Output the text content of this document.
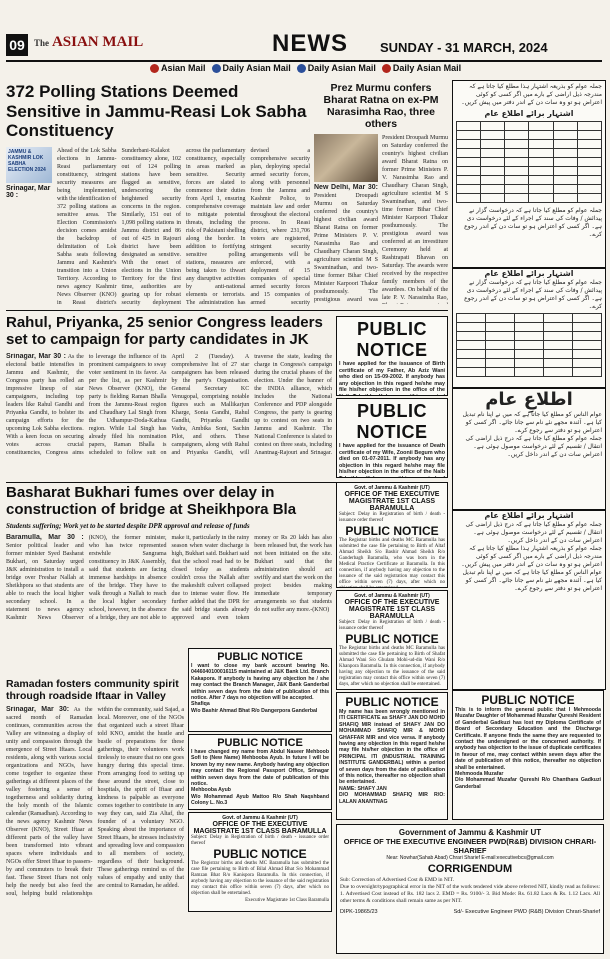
09	The ASIAN MAIL	NEWS SUNDAY - 31 MARCH, 2024
Asian Mail	Daily Asian Mail	Daily Asian Mail	Daily Asian Mail
372 Polling Stations Deemed Sensitive in Jammu-Reasi Lok Sabha Constituency
JAMMU & KASHMIR LOK SABHA ELECTION 2024
Srinagar, Mar 30 :
Ahead of the Lok Sabha elections in Jammu-Reasi parliamentary constituency, stringent security measures are being implemented, with the identification of 372 polling stations as sensitive areas. The Election Commission's decision comes amidst the backdrop of delimitation of Lok Sabha seats following Jammu and Kashmir's transition into a Union Territory. According to news agency Kashmir News Observer (KNO) in Reasi district's Sunderbani-Kalakot constituency alone, 102 out of 124 polling stations have been flagged as sensitive, underscoring the heightened security concerns in the region. Similarly, 151 out of 1,098 polling stations in Jammu district and 86 out of 425 in Rajouri district have been designated as sensitive. With the onset of elections in the Union Territory for the first time, authorities are gearing up for robust security deployment across the parliamentary constituency, especially in areas marked as sensitive. Security forces are slated to commence their duties from April 1, ensuring comprehensive coverage to mitigate potential threats, including the risk of Pakistani shelling along the border. In addition to fortifying sensitive polling stations, measures are being taken to thwart any disruptive activities by anti-national elements or terrorists. The administration has devised a comprehensive security plan, deploying special armed security forces, along with personnel from the Jammu and Kashmir Police, to maintain law and order throughout the electoral process. In Reasi district, where 231,706 voters are registered, stringent security arrangements will be enforced, with a deployment of 15 companies of special armed security forces and 15 companies of armed security
Prez Murmu confers Bharat Ratna on ex-PM Narasimha Rao, three others
New Delhi, Mar 30: President Droupadi Murmu on Saturday conferred the country's highest civilian award Bharat Ratna on former Prime Ministers P. V. Narasimha Rao and Chaudhary Charan Singh, agriculture scientist M S Swaminathan, and two-time former Bihar Chief Minister Karpoori Thakur posthumously. The prestigious award was
President Droupadi Murmu on Saturday conferred the country's highest civilian award Bharat Ratna on former Prime Ministers P. V. Narasimha Rao and Chaudhary Charan Singh, agriculture scientist M S Swaminathan, and two-time former Bihar Chief Minister Karpoori Thakur posthumously. The prestigious award was conferred at an investiture Ceremony held at Rashtrapati Bhavan on Saturday. The awards were received by the respective family members of the awardees. On behalf of the late P. V. Narasimha Rao,
جملہ عوام کو بذریعہ اشتہار ہذا مطلع کیا جاتا ہے کہ مندرجہ ذیل اراضی کے بارے میں اگر کسی کو کوئی اعتراض ہو تو وہ سات دن کے اندر دفتر میں پیش کریں۔
اشتہار برائے اطلاع عام

جملہ عوام کو مطلع کیا جاتا ہے کہ درخواست گزار نے پیدائش / وفات کی سند کے اجراء کے لئے درخواست دی ہے۔ اگر کسی کو اعتراض ہو تو سات دن کے اندر رجوع کرے۔
Rahul, Priyanka, 25 senior Congress leaders set to campaign for party candidates in JK
Srinagar, Mar 30 : As the electoral battle intensifies in Jammu and Kashmir, the Congress party has rolled an impressive lineup of star campaigners, including top leaders like Rahul Gandhi and Priyanka Gandhi, to bolster its campaign efforts for the upcoming Lok Sabha elections. With a keen focus on securing votes across crucial constituencies, Congress aims to leverage the influence of its prominent campaigners to sway voter sentiment in its favor. As per the list, as per Kashmir News Observer (KNO), the party is fielding Raman Bhalla from the Jammu-Reasi region and Chaudhary Lal Singh from the Udhampur-Doda-Kathua region. While Lal Singh has already filed his nomination papers, Raman Bhalla is scheduled to follow suit on April 2 (Tuesday). A comprehensive list of 27 star campaigners has been released by the party's Organisation. General Secretary KC Venugopal, comprising notable figures such as Mallikarjun Kharge, Sonia Gandhi, Rahul Gandhi, Priyanka Gandhi Vadra, Ambika Soni, Sachin Pilot, and others. These campaigners, along with Rahul and Priyanka Gandhi, will traverse the state, leading the charge in Congress's campaign during the crucial phases of the election. Under the banner of the INDIA alliance, which includes the National Conference and PDP alongside Congress, the party is gearing up to contest on two seats in Jammu and Kashmir. The National Conference is slated to contest on three seats, including Anantnag-Rajouri and Srinagar.
PUBLIC NOTICE
I have applied for the issuance of Birth certificate of my Father, Ab Aziz Wani who died on 15-09-2002. If anybody has any objection in this regard he/she may file his/her objection in the office of the
PUBLIC NOTICE
I have applied for the issuance of Death certificate of my Wife, Zoonii Begum who died on 01-07-2011. If anybody has any objection in this regard he/she may file his/her objection in the office of the Naib
اشتہار برائے اطلاع عام
جملہ عوام کو مطلع کیا جاتا ہے کہ درخواست گزار نے پیدائش / وفات کی سند کے اجراء کے لئے درخواست دی ہے۔ اگر کسی کو اعتراض ہو تو سات دن کے اندر رجوع کرے۔

اطلاعِ عام
عوام الناس کو مطلع کیا جاتا ہے کہ میں نے اپنا نام تبدیل کیا ہے۔ آئندہ مجھے نئے نام سے جانا جائے۔ اگر کسی کو اعتراض ہو تو دفتر سے رجوع کرے۔
جملہ عوام کو مطلع کیا جاتا ہے کہ درج ذیل اراضی کی انتقال / تقسیم کے لئے درخواست موصول ہوئی ہے۔ اعتراض سات دن کے اندر داخل کریں۔
Basharat Bukhari fumes over delay in construction of bridge at Sheikhpora Bla
Students suffering; Work yet to be started despite DPR approval and release of funds
Baramulla, Mar 30 : Senior political leader and former minister Syed Basharat Bukhari, on Saturday urged J&K administration to install a bridge over Freshar Nallah at Sheikhpora so that students are able to reach the local higher secondary school. In a statement to news agency Kashmir News Observer (KNO), the former minister, who has twice represented erstwhile Sangrama constituency in J&K Assembly, said that students are facing immense hardships in absence of the bridge. They have to walk through a Nallah to reach the local higher secondary school, however, in the absence of a bridge, they are not able to make it, particularly in the rainy season when water discharge is high, Bukhari said. Bukhari said that the school road had to be closed today as students couldn't cross the Nallah after the makeshift culvert collapsed due to intense water flow. He further added that the DPR for the said bridge stands already approved and even token money or Rs 20 lakh has also been released but, the work has not been initiated on the site. Bukhari said that the administration should act swiftly and start the work on the project besides making immediate temporary arrangements so that students do not suffer any more.-(KNO)
Govt. of Jammu & Kashmir (UT)
OFFICE OF THE EXECUTIVE MAGISTRATE 1ST CLASS BARAMULLA
Subject: Delay in Registration of birth / death - issuance order thereof
PUBLIC NOTICE
The Registrar births and deaths MC Baramulla has submitted the case file pertaining to Birth of Altaf Ahmad Sheikh S/o Bashir Ahmad Sheikh R/o Ganderbagh Baramulla, who was born in the Medical Practice Certificate at Baramulla. In this connection, if anybody having any objection to the issuance of the said registration may contact this office within seven (7) days, after which no
Govt. of Jammu & Kashmir (UT)
OFFICE OF THE EXECUTIVE MAGISTRATE 1ST CLASS BARAMULLA
Subject: Delay in Registration of birth / death - issuance order thereof
PUBLIC NOTICE
The Registrar births and deaths MC Baramulla has submitted the case file pertaining to Birth of Shafat Ahmad Wani S/o Ghulam Mohi-ud-din Wani R/o Khanpora Baramulla. In this connection, if anybody having any objection to the issuance of the said registration may contact this office within seven (7) days, after which no objection shall be entertained.
اشتہار برائے اطلاع عام
جملہ عوام کو مطلع کیا جاتا ہے کہ درج ذیل اراضی کی انتقال / تقسیم کے لئے درخواست موصول ہوئی ہے۔ اعتراض سات دن کے اندر داخل کریں۔
جملہ عوام کو بذریعہ اشتہار ہذا مطلع کیا جاتا ہے کہ مندرجہ ذیل اراضی کے بارے میں اگر کسی کو کوئی اعتراض ہو تو وہ سات دن کے اندر دفتر میں پیش کریں۔
عوام الناس کو مطلع کیا جاتا ہے کہ میں نے اپنا نام تبدیل کیا ہے۔ آئندہ مجھے نئے نام سے جانا جائے۔ اگر کسی کو اعتراض ہو تو دفتر سے رجوع کرے۔
Ramadan fosters community spirit through roadside Iftaar in Valley
Srinagar, Mar 30: As the sacred month of Ramadan continues, communities across the Valley are witnessing a display of unity and compassion through the emergence of Street Iftaars. Local residents, along with various social organizations and NGOs, have come together to organize these gatherings at different places of the valley fostering a sense of togetherness and solidarity during the holy month of the Islamic calendar (Ramadhan). According to the news agency Kashmir News Observer (KNO), Street Iftaar at different parts of the valley have been transformed into vibrant spaces where individuals and NGOs offer Street Iftaar to passers-by and commuters to break their fast. These Street Iftars not only help the needy but also feed the soul, helping build relationships within the community, said Sajad, a local. Moreover, one of the NGOs that organized such a street Iftaar told KNO, amidst the hustle and bustle of preparations for these gatherings, their volunteers work tirelessly to ensure that no one goes hungry during this special time. From arranging food to setting up these around the street, close to hospitals, the spirit of Iftaar and kindness is palpable as everyone comes together to contribute in any way they can, said Zia Altaf, the founder of a voluntary NGO. Speaking about the importance of Street Iftaars, he stresses inclusivity and spreading love and compassion to all members of society, regardless of their background. These gatherings remind us of the values of empathy and unity that are central to Ramadan, he added.
PUBLIC NOTICE
I want to close my bank account bearing No. 0446040100016115 maintained at J&K Bank Ltd. Branch Kakapora. If anybody is having any objection he / she may contact the Branch Manager, J&K Bank Ganderbal within seven days from the date of publication of this notice. After 7 days no objection will be accepted.
Shafiqa
W/o Bashir Ahmad Bhat R/o Dangerpora Ganderbal
PUBLIC NOTICE
I have changed my name from Abdul Naseer Mehboob Sofi to (New Name) Mehbooba Ayub. In future I will be known by my new name. Anybody having any objection may contact the Regional Passport Office, Srinagar within seven days from the date of publication of this notice.
Mehbooba Ayub
W/o Mohammad Ayub Mattoo R/o Shah Naqshband Colony L. No.3
Govt. of Jammu & Kashmir (UT)
OFFICE OF THE EXECUTIVE MAGISTRATE 1ST CLASS BARAMULLA
Subject: Delay in Registration of birth / death - issuance order thereof
PUBLIC NOTICE
The Registrar births and deaths MC Baramulla has submitted the case file pertaining to Birth of Bilal Ahmad Bhat S/o Mohammad Ramzan Bhat R/o Kanispora Baramulla. In this connection, if anybody having any objection to the issuance of the said registration may contact this office within seven (7) days, after which no objection shall be entertained.
Executive Magistrate 1st Class Baramulla
PUBLIC NOTICE
My name has been wrongly mentioned in ITI CERTIFICATE as SHAFY JAN DO MOHD SHAFIQ MIR instead of SHAFY JAN DO MOHAMMAD SHAFIQ MIR & MOHD GHAFFAR MIR and vice versa. If anybody having any objection in this regard he/she may file his/her objection in the office of PRINCIPAL ITI (INDUSTRIAL TRAINING INSTITUTE GANDERBAL) within a period of seven days from the date of publication of this notice, thereafter no objection shall be entertained.
NAME: SHAFY JAN
D/O MOHAMMAD SHAFIQ MIR R/O: LALAN ANANTNAG
PUBLIC NOTICE
This is to inform the general public that I Mehmooda Muzafar Daughter of Mohammad Muzafar Qureshi Resident of Ganderbal Gadkuzi has lost my Diploma Certificate of Board of Secondary Education and the Discharge Certificate. If anyone finds the same they are requested to contact the undersigned or the concerned authority. If anybody has objection to the issue of duplicate certificates in favour of me, may contact within seven days after the date of publication of this notice, thereafter no objection shall be entertained.
Mehmooda Muzafar
D/o Mohammad Muzafar Qureshi R/o Chanthara Gadkuzi Ganderbal
Government of Jammu & Kashmir UT
OFFICE OF THE EXECUTIVE ENGINEER PWD(R&B) DIVISION CHRARI-SHARIEF
Near: Nowhar(Sahab Abad) Chrari Sharief E-mail:executivebcs@gmail.com
CORRIGENDUM
Sub: Correction of Advertised Cost & EMD in NIT.
Due to oversight/typographical error in the NIT of the work tendered vide above referred NIT, kindly read as follows: 1. Advertised Cost instead of Rs. 182 lacs 2. EMD = Rs. 9100/- 3. Bid Mode: Rs. 61.82 Lacs & Rs. 1.12 Lacs. All other terms & conditions shall remain same as per NIT.
DIPK-19865/23	Sd/- Executive Engineer PWD (R&B) Division Chrari-Sharief
